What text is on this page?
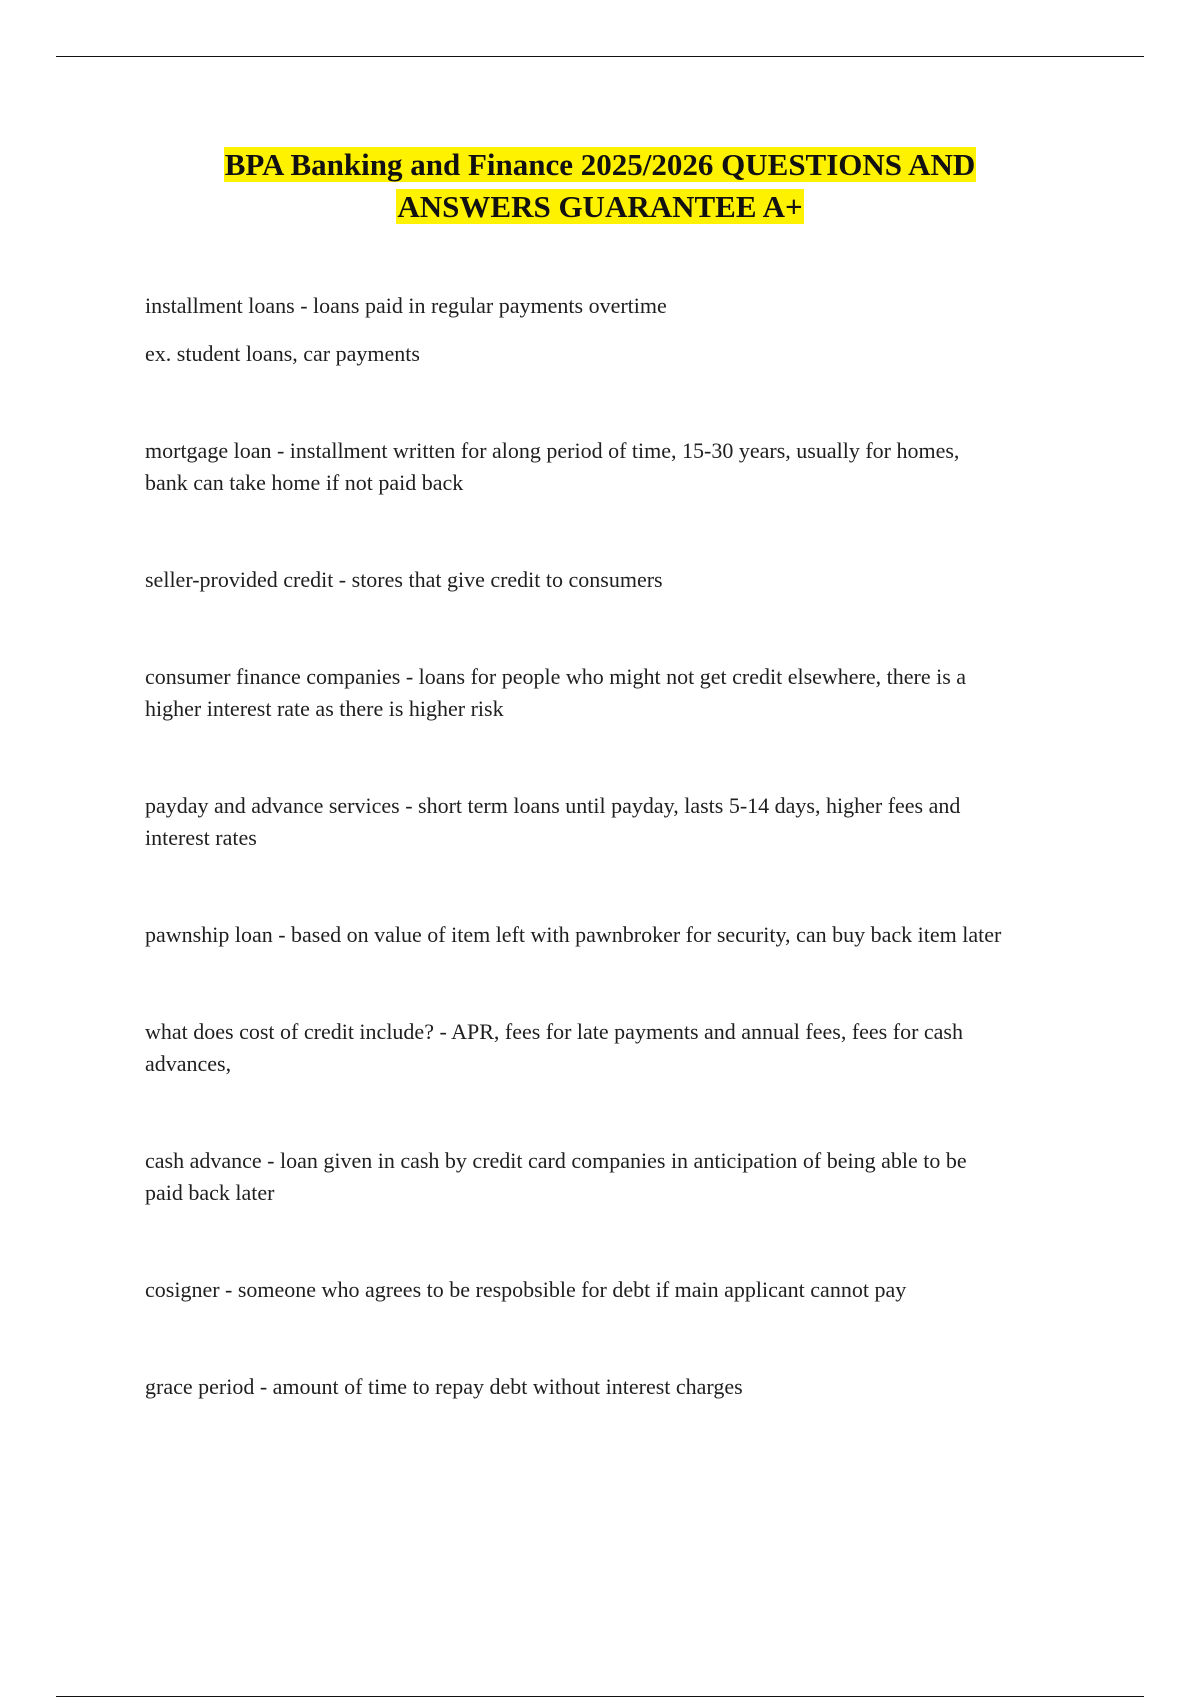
BPA Banking and Finance 2025/2026 QUESTIONS AND
ANSWERS GUARANTEE A+

installment loans - loans paid in regular payments overtime

ex. student loans, car payments

mortgage loan - installment written for along period of time, 15-30 years, usually for homes,
bank can take home if not paid back

seller-provided credit - stores that give credit to consumers

consumer finance companies - loans for people who might not get credit elsewhere, there is a
higher interest rate as there is higher risk

payday and advance services - short term loans until payday, lasts 5-14 days, higher fees and
interest rates

pawnship loan - based on value of item left with pawnbroker for security, can buy back item later

what does cost of credit include? - APR, fees for late payments and annual fees, fees for cash
advances,

cash advance - loan given in cash by credit card companies in anticipation of being able to be
paid back later

cosigner - someone who agrees to be respobsible for debt if main applicant cannot pay

grace period - amount of time to repay debt without interest charges
